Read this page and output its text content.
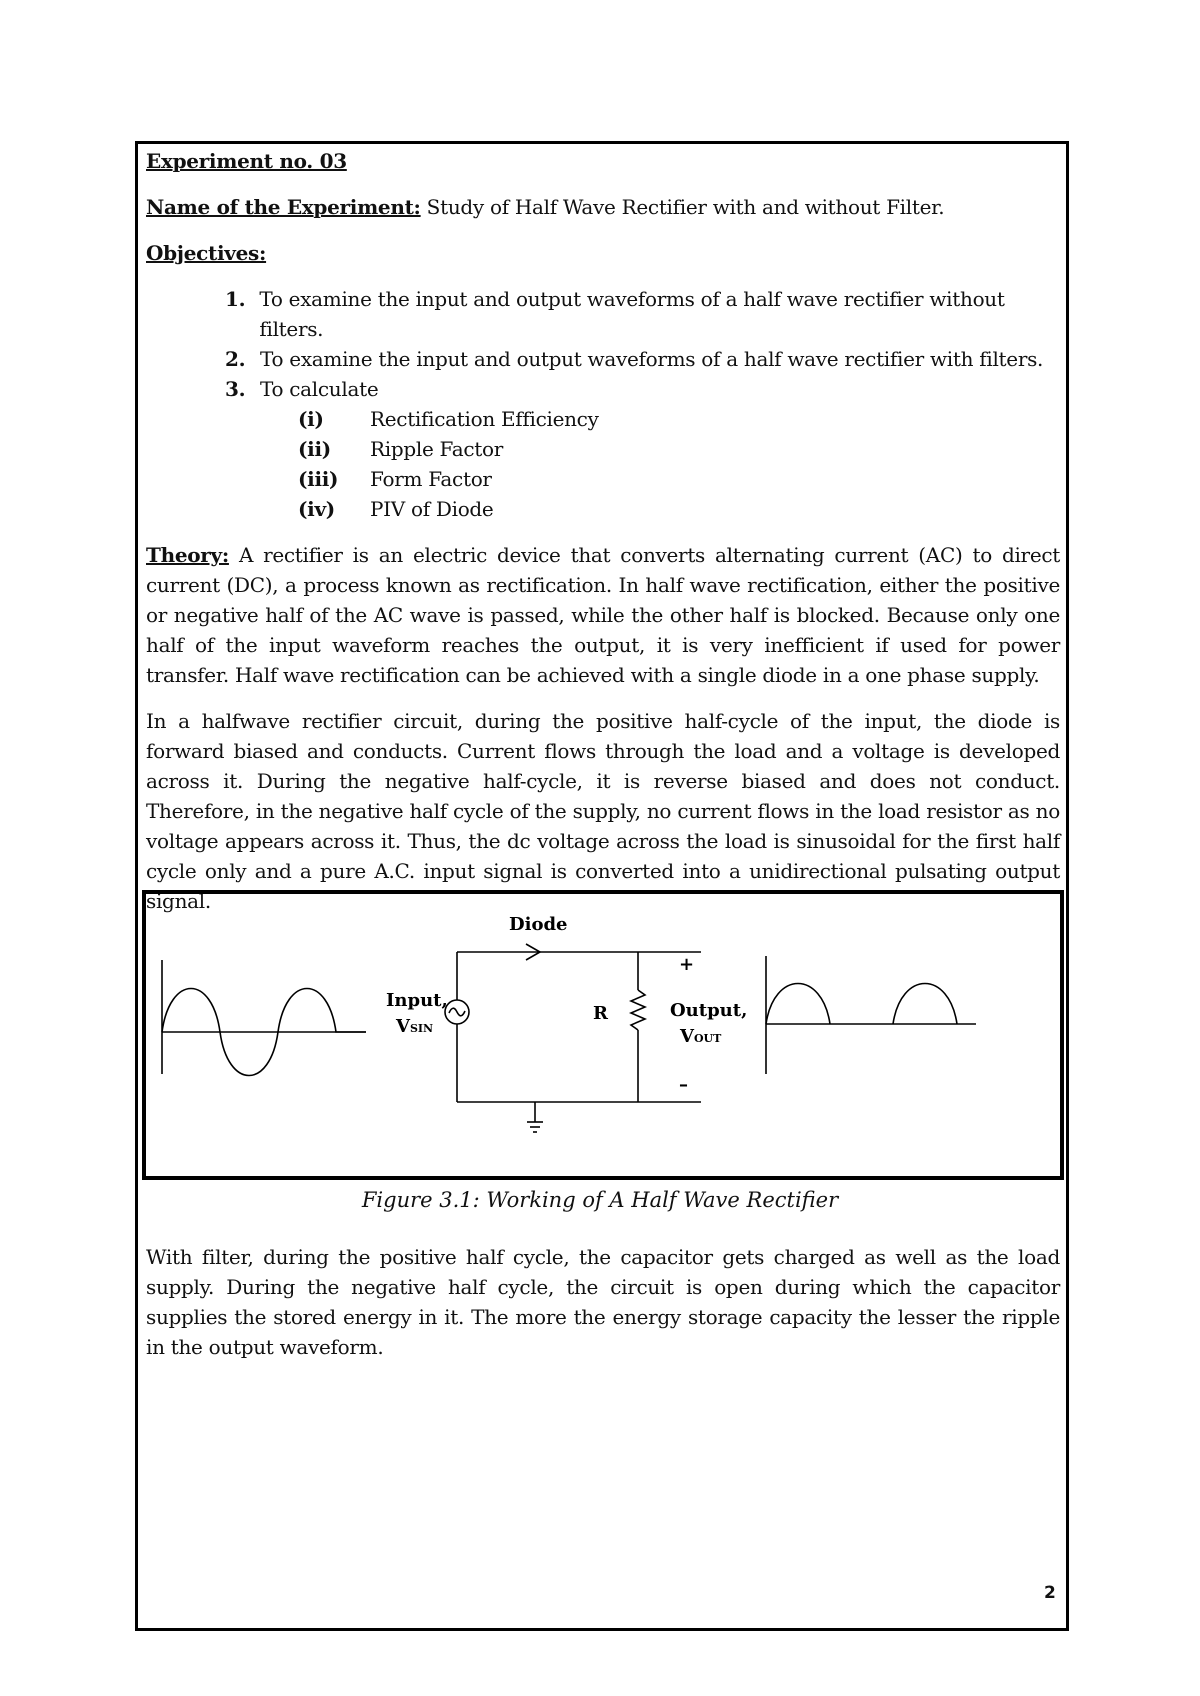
Experiment no. 03

Name of the Experiment: Study of Half Wave Rectifier with and without Filter.

Objectives:

1. To examine the input and output waveforms of a half wave rectifier without filters.
2. To examine the input and output waveforms of a half wave rectifier with filters.
3. To calculate
(i)	Rectification Efficiency
(ii)	Ripple Factor
(iii)	Form Factor
(iv)	PIV of Diode

Theory: A rectifier is an electric device that converts alternating current (AC) to direct current (DC), a process known as rectification. In half wave rectification, either the positive or negative half of the AC wave is passed, while the other half is blocked. Because only one half of the input waveform reaches the output, it is very inefficient if used for power transfer. Half wave rectification can be achieved with a single diode in a one phase supply.

In a halfwave rectifier circuit, during the positive half-cycle of the input, the diode is forward biased and conducts. Current flows through the load and a voltage is developed across it. During the negative half-cycle, it is reverse biased and does not conduct. Therefore, in the negative half cycle of the supply, no current flows in the load resistor as no voltage appears across it. Thus, the dc voltage across the load is sinusoidal for the first half cycle only and a pure A.C. input signal is converted into a unidirectional pulsating output signal.

Diode
Input,
VSIN
R	Output,
VOUT
+
–
Figure 3.1: Working of A Half Wave Rectifier
With filter, during the positive half cycle, the capacitor gets charged as well as the load supply. During the negative half cycle, the circuit is open during which the capacitor supplies the stored energy in it. The more the energy storage capacity the lesser the ripple in the output waveform.
2
